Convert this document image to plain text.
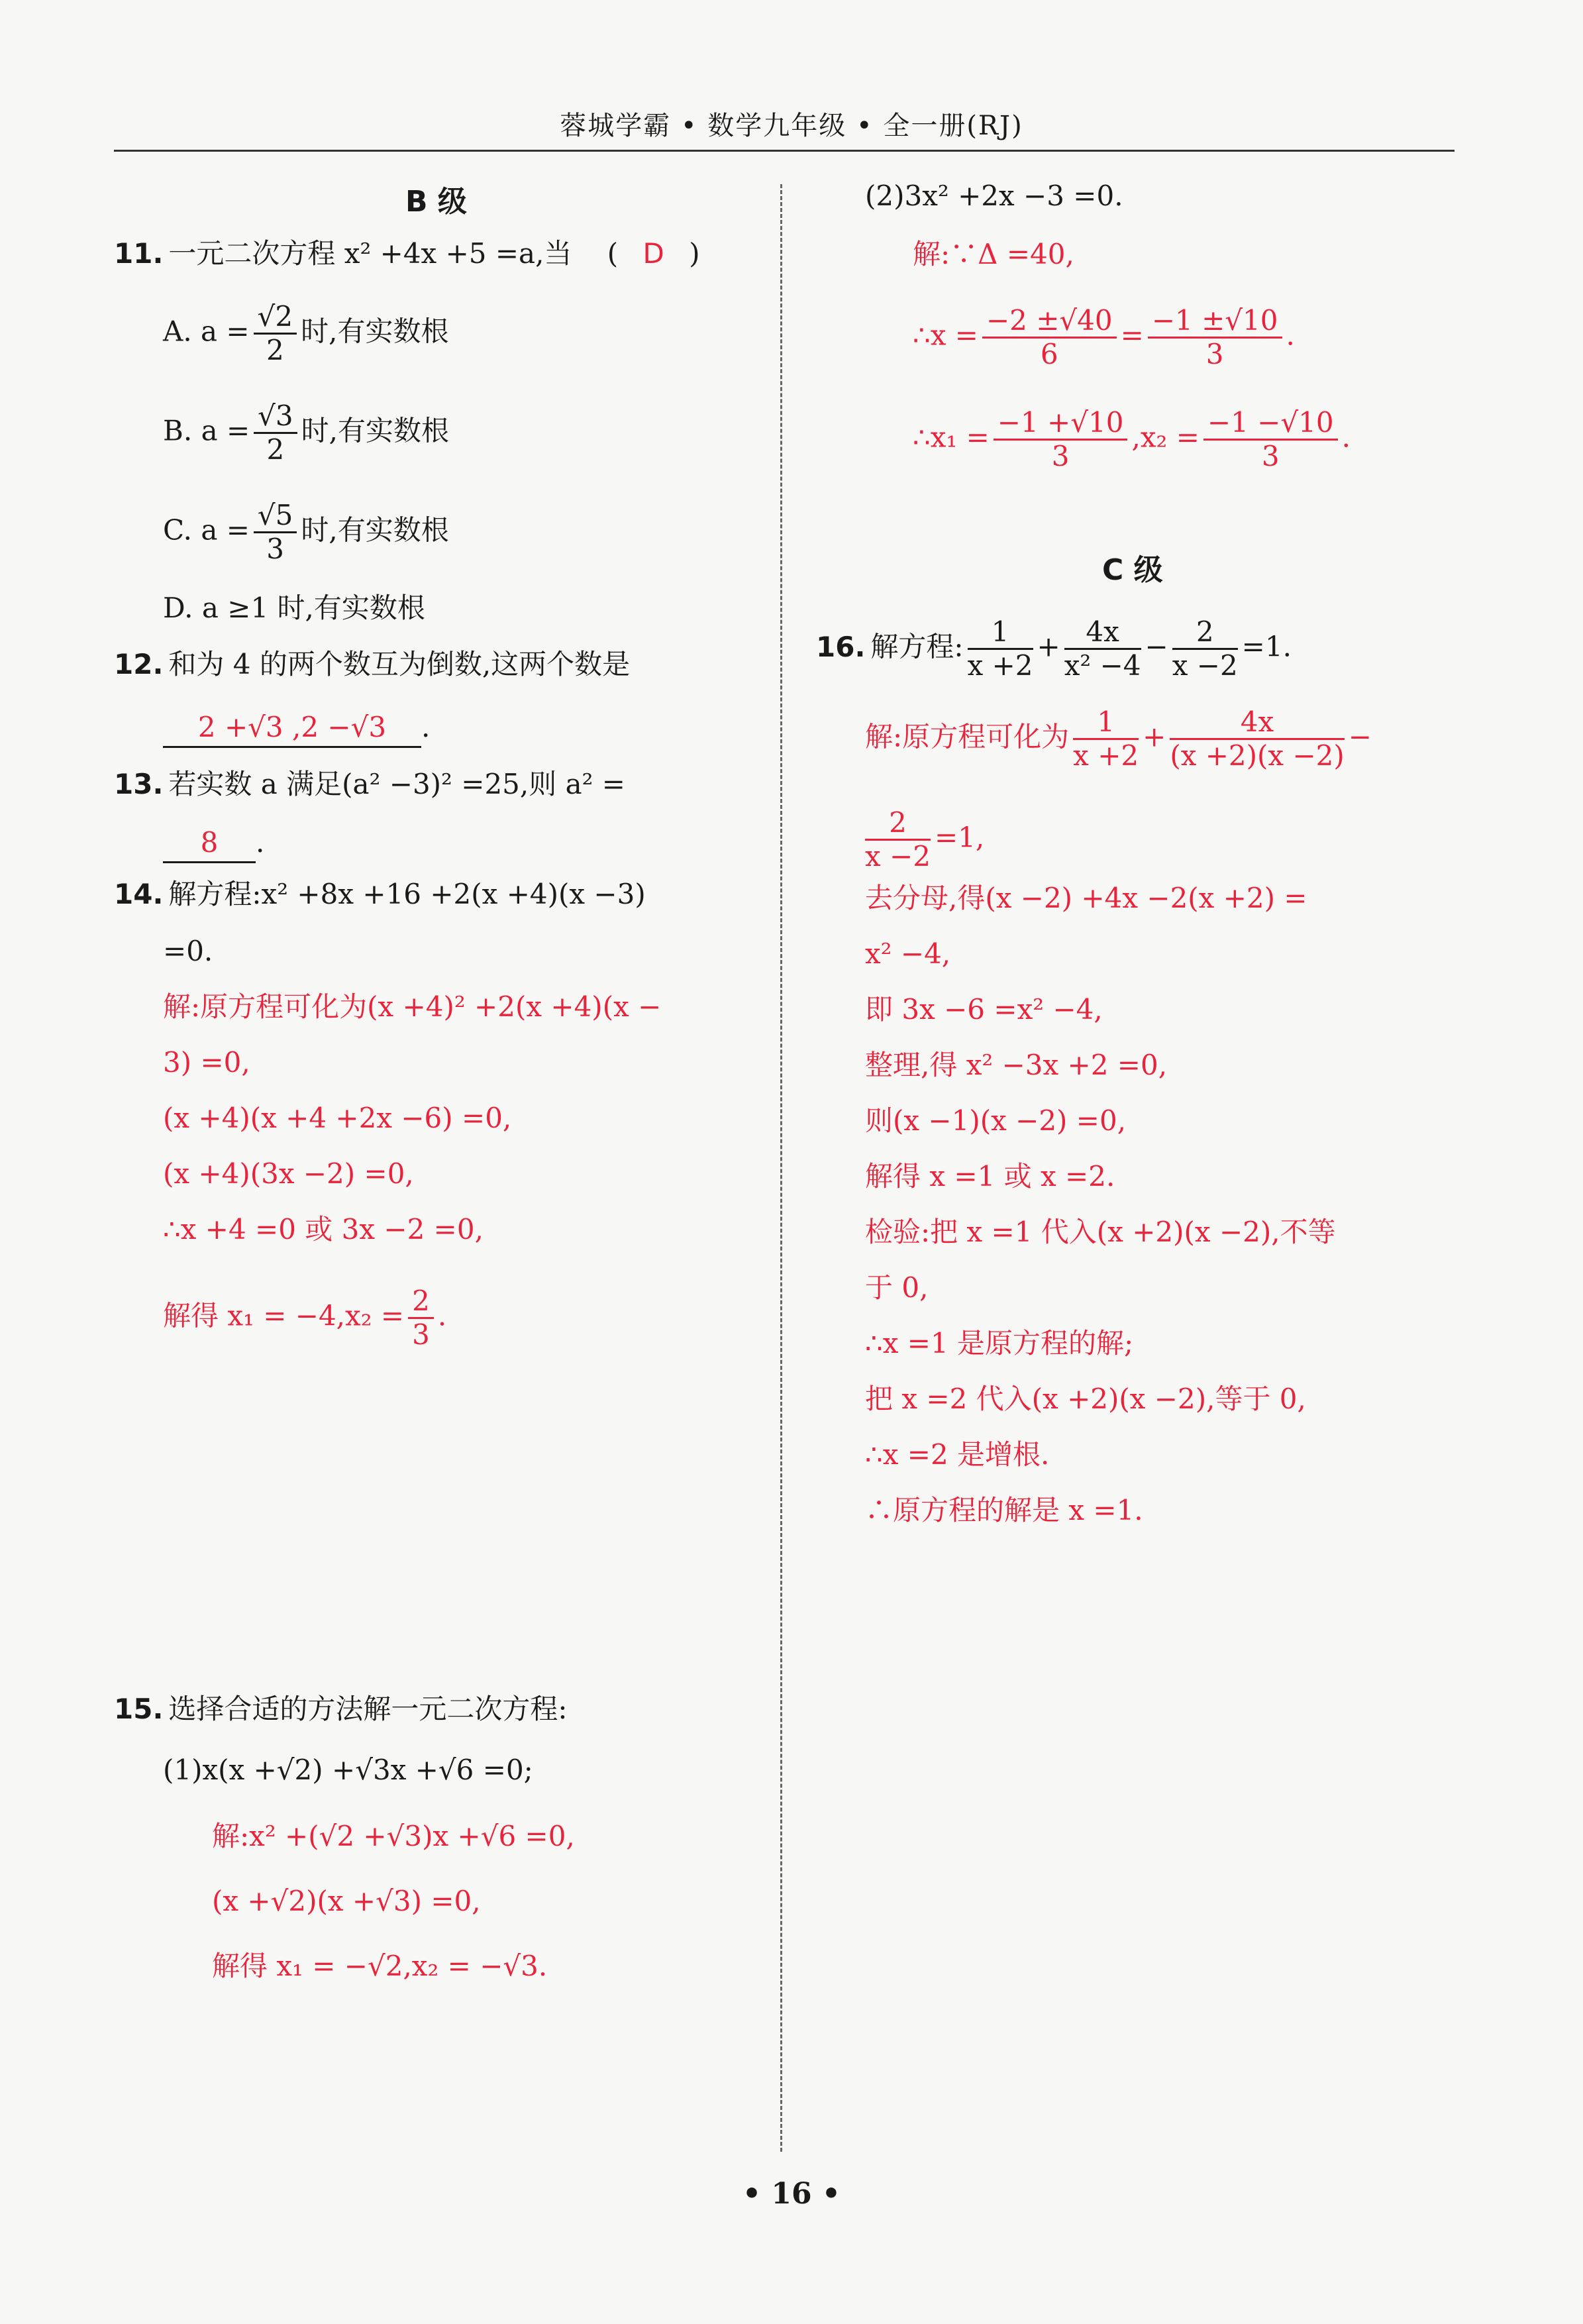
蓉城学霸 • 数学九年级 • 全一册(RJ)
B 级
11. 一元二次方程 x² +4x +5 =a,当 ( D )
A. $a = \frac{√2}{2}$ 时,有实数根
B. $a = \frac{√3}{2}$ 时,有实数根
C. $a = \frac{√5}{3}$ 时,有实数根
D. a ≥1 时,有实数根
12. 和为 4 的两个数互为倒数,这两个数是
2 +√3 ,2 −√3 .
13. 若实数 a 满足(a² −3)² =25,则 a² =
8 .
14. 解方程:x² +8x +16 +2(x +4)(x −3)
=0.
解:原方程可化为(x +4)² +2(x +4)(x −
3) =0,
(x +4)(x +4 +2x −6) =0,
(x +4)(3x −2) =0,
∴x +4 =0 或 3x −2 =0,
解得 $x_1 = -4,x_2 = \frac{2}{3}$ .
15. 选择合适的方法解一元二次方程:
(1)x(x +√2) +√3x +√6 =0;
解:x² +(√2 +√3)x +√6 =0,
(x +√2)(x +√3) =0,
解得 x₁ = −√2,x₂ = −√3.
(2)3x² +2x −3 =0.
解:∵Δ =40,
∴x = $\frac{-2 \pm√40}{6} = \frac{-1 \pm√10}{3}$ .
∴x₁ = $\frac{-1 +√10}{3} ,x_2 = \frac{-1 -√10}{3}$ .
C 级
16. 解方程: $\frac{1}{x +2} + \frac{4x}{\text{x² −4}} - \frac{2}{x -2} =1$.
解:原方程可化为 $\frac{1}{x +2} + \frac{4x}{(x +2)(x -2)}$ −
$\frac{2}{x -2} =1$,
去分母,得(x −2) +4x −2(x +2) =
x² −4,
即 3x −6 =x² −4,
整理,得 x² −3x +2 =0,
则(x −1)(x −2) =0,
解得 x =1 或 x =2.
检验:把 x =1 代入(x +2)(x −2),不等
于 0,
∴x =1 是原方程的解;
把 x =2 代入(x +2)(x −2),等于 0,
∴x =2 是增根.
∴原方程的解是 x =1.
• 16 •
